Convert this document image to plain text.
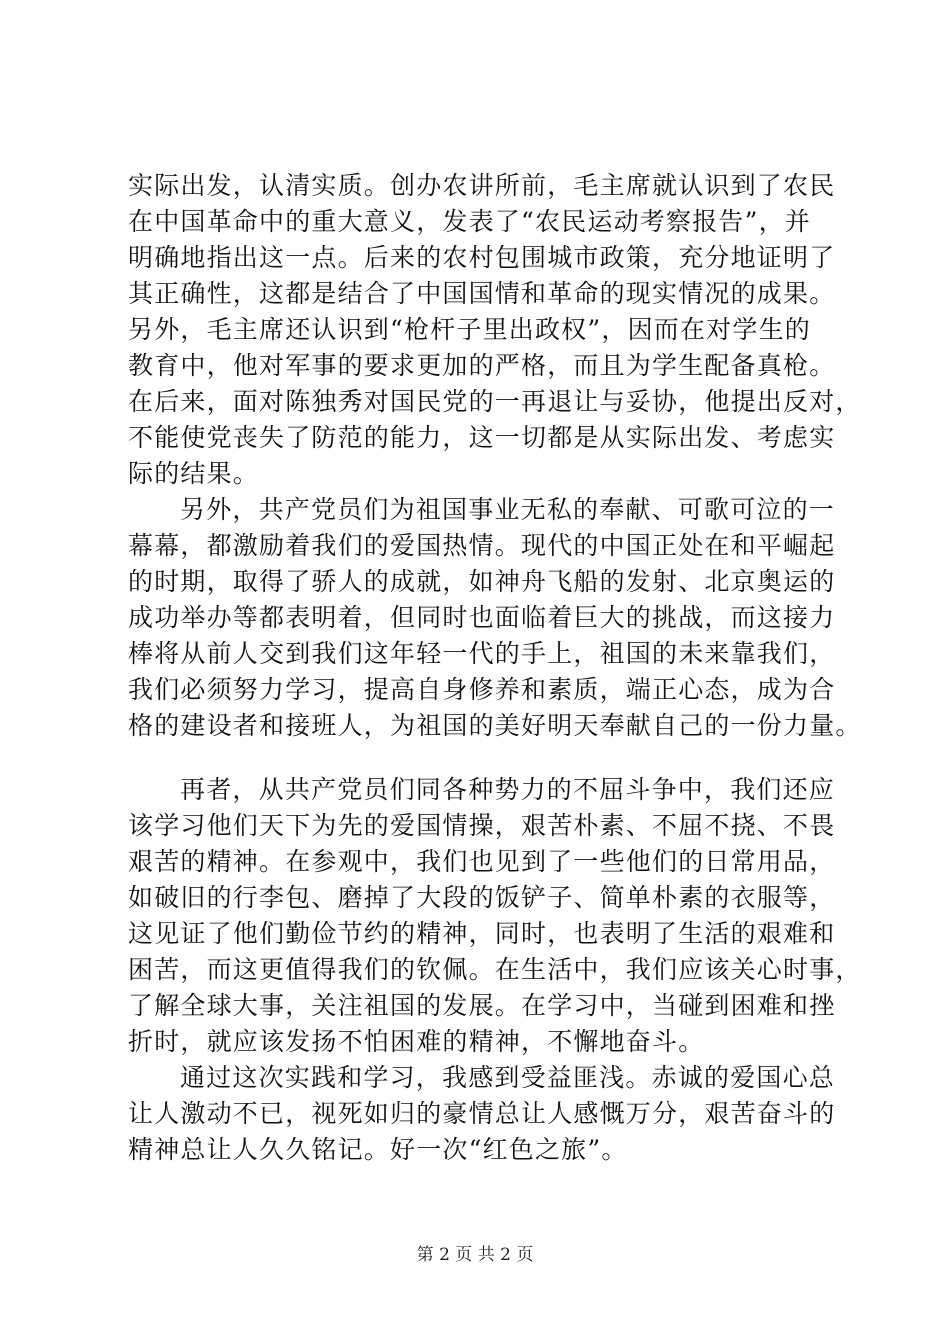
实际出发，认清实质。创办农讲所前，毛主席就认识到了农民
在中国革命中的重大意义，发表了“农民运动考察报告”，并
明确地指出这一点。后来的农村包围城市政策，充分地证明了
其正确性，这都是结合了中国国情和革命的现实情况的成果。
另外，毛主席还认识到“枪杆子里出政权”，因而在对学生的
教育中，他对军事的要求更加的严格，而且为学生配备真枪。
在后来，面对陈独秀对国民党的一再退让与妥协，他提出反对，
不能使党丧失了防范的能力，这一切都是从实际出发、考虑实
际的结果。
另外，共产党员们为祖国事业无私的奉献、可歌可泣的一
幕幕，都激励着我们的爱国热情。现代的中国正处在和平崛起
的时期，取得了骄人的成就，如神舟飞船的发射、北京奥运的
成功举办等都表明着，但同时也面临着巨大的挑战，而这接力
棒将从前人交到我们这年轻一代的手上，祖国的未来靠我们，
我们必须努力学习，提高自身修养和素质，端正心态，成为合
格的建设者和接班人，为祖国的美好明天奉献自己的一份力量。
再者，从共产党员们同各种势力的不屈斗争中，我们还应
该学习他们天下为先的爱国情操，艰苦朴素、不屈不挠、不畏
艰苦的精神。在参观中，我们也见到了一些他们的日常用品，
如破旧的行李包、磨掉了大段的饭铲子、简单朴素的衣服等，
这见证了他们勤俭节约的精神，同时，也表明了生活的艰难和
困苦，而这更值得我们的钦佩。在生活中，我们应该关心时事，
了解全球大事，关注祖国的发展。在学习中，当碰到困难和挫
折时，就应该发扬不怕困难的精神，不懈地奋斗。
通过这次实践和学习，我感到受益匪浅。赤诚的爱国心总
让人激动不已，视死如归的豪情总让人感慨万分，艰苦奋斗的
精神总让人久久铭记。好一次“红色之旅”。
第 2 页 共 2 页
